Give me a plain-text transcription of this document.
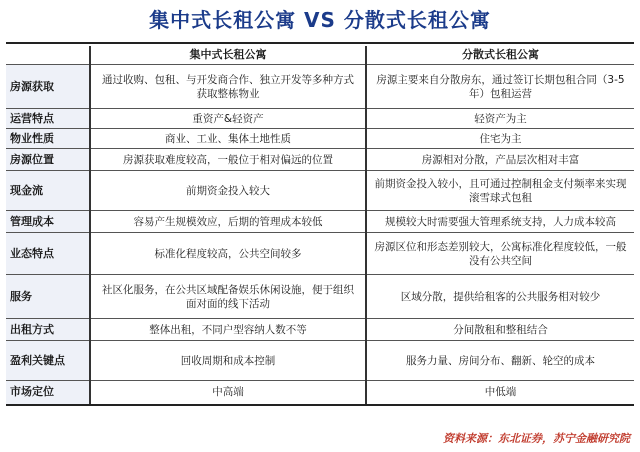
集中式长租公寓 VS 分散式长租公寓
	集中式长租公寓	分散式长租公寓
房源获取	通过收购、包租、与开发商合作、独立开发等多种方式获取整栋物业	房源主要来自分散房东，通过签订长期包租合同（3-5年）包租运营
运营特点	重资产&轻资产	轻资产为主
物业性质	商业、工业、集体土地性质	住宅为主
房源位置	房源获取难度较高，一般位于相对偏远的位置	房源相对分散，产品层次相对丰富
现金流	前期资金投入较大	前期资金投入较小，且可通过控制租金支付频率来实现滚雪球式包租
管理成本	容易产生规模效应，后期的管理成本较低	规模较大时需要强大管理系统支持，人力成本较高
业态特点	标准化程度较高，公共空间较多	房源区位和形态差别较大，公寓标准化程度较低，一般没有公共空间
服务	社区化服务，在公共区域配备娱乐休闲设施，便于组织面对面的线下活动	区域分散，提供给租客的公共服务相对较少
出租方式	整体出租，不同户型容纳人数不等	分间散租和整租结合
盈利关键点	回收周期和成本控制	服务力量、房间分布、翻新、轮空的成本
市场定位	中高端	中低端
资料来源：东北证券，苏宁金融研究院
